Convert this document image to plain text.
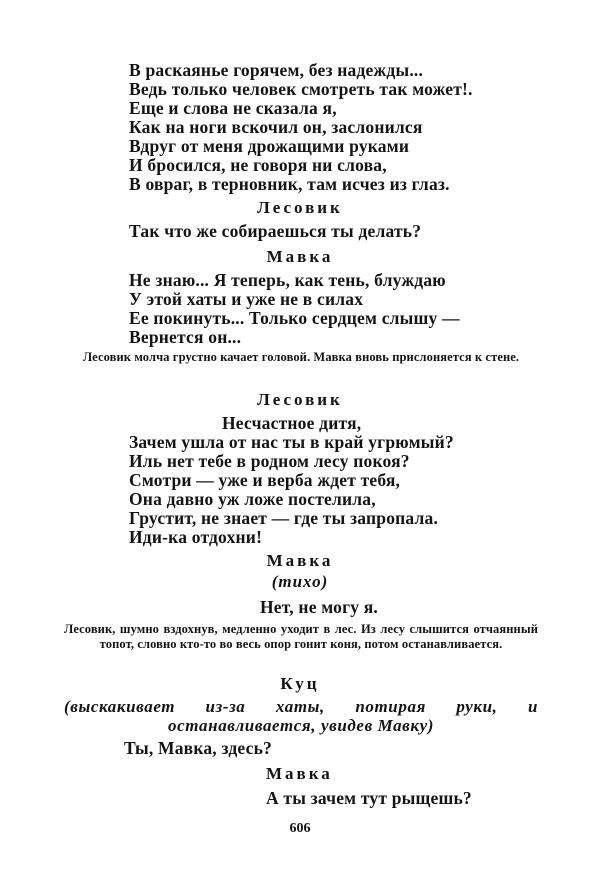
В раскаянье горячем, без надежды...
Ведь только человек смотреть так может!.
Еще и слова не сказала я,
Как на ноги вскочил он, заслонился
Вдруг от меня дрожащими руками
И бросился, не говоря ни слова,
В овраг, в терновник, там исчез из глаз.
Лесовик
Так что же собираешься ты делать?
Мавка
Не знаю... Я теперь, как тень, блуждаю
У этой хаты и уже не в силах
Ее покинуть... Только сердцем слышу —
Вернется он...
Лесовик молча грустно качает головой. Мавка вновь прислоняется к стене.
Лесовик
Несчастное дитя,
Зачем ушла от нас ты в край угрюмый?
Иль нет тебе в родном лесу покоя?
Смотри — уже и верба ждет тебя,
Она давно уж ложе постелила,
Грустит, не знает — где ты запропала.
Иди-ка отдохни!
Мавка
(тихо)
Нет, не могу я.
Лесовик, шумно вздохнув, медленно уходит в лес. Из лесу слышится отчаянный топот, словно кто-то во весь опор гонит коня, потом останавливается.
Куц
(выскакивает из-за хаты, потирая руки, и останавливается, увидев Мавку)
Ты, Мавка, здесь?
Мавка
А ты зачем тут рыщешь?
606
